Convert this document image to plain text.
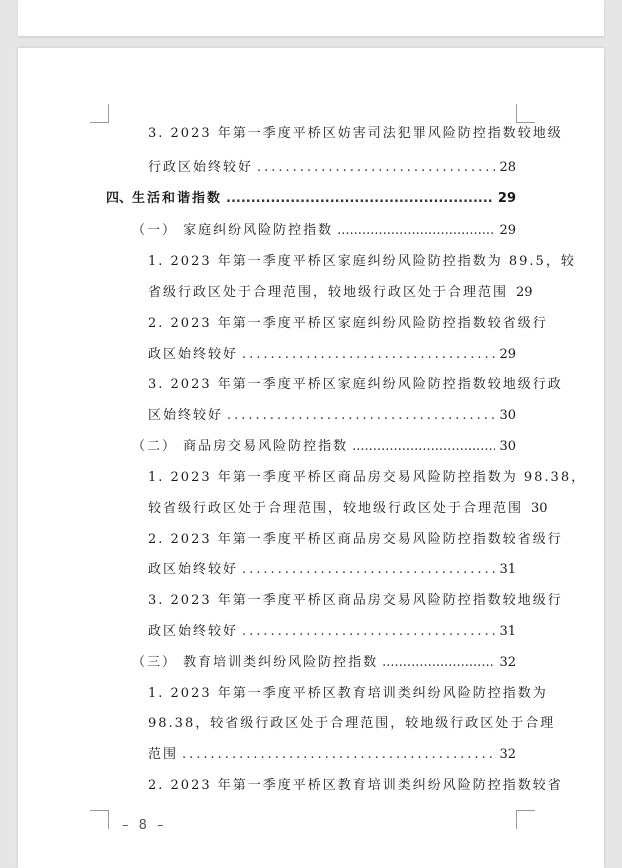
3. 2023 年第一季度平桥区妨害司法犯罪风险防控指数较地级
行政区始终较好 .....	28
四、 生活和谐指数 .....	29
（一） 家庭纠纷风险防控指数 .....	29
1. 2023 年第一季度平桥区家庭纠纷风险防控指数为 89.5，较
省级行政区处于合理范围，较地级行政区处于合理范围 29
2. 2023 年第一季度平桥区家庭纠纷风险防控指数较省级行
政区始终较好 .....	29
3. 2023 年第一季度平桥区家庭纠纷风险防控指数较地级行政
区始终较好 .....	30
（二） 商品房交易风险防控指数 .....	30
1. 2023 年第一季度平桥区商品房交易风险防控指数为 98.38，
较省级行政区处于合理范围，较地级行政区处于合理范围 30
2. 2023 年第一季度平桥区商品房交易风险防控指数较省级行
政区始终较好 .....	31
3. 2023 年第一季度平桥区商品房交易风险防控指数较地级行
政区始终较好 .....	31
（三） 教育培训类纠纷风险防控指数 .....	32
1. 2023 年第一季度平桥区教育培训类纠纷风险防控指数为
98.38，较省级行政区处于合理范围，较地级行政区处于合理
范围 .....	32
2. 2023 年第一季度平桥区教育培训类纠纷风险防控指数较省
– 8 –
